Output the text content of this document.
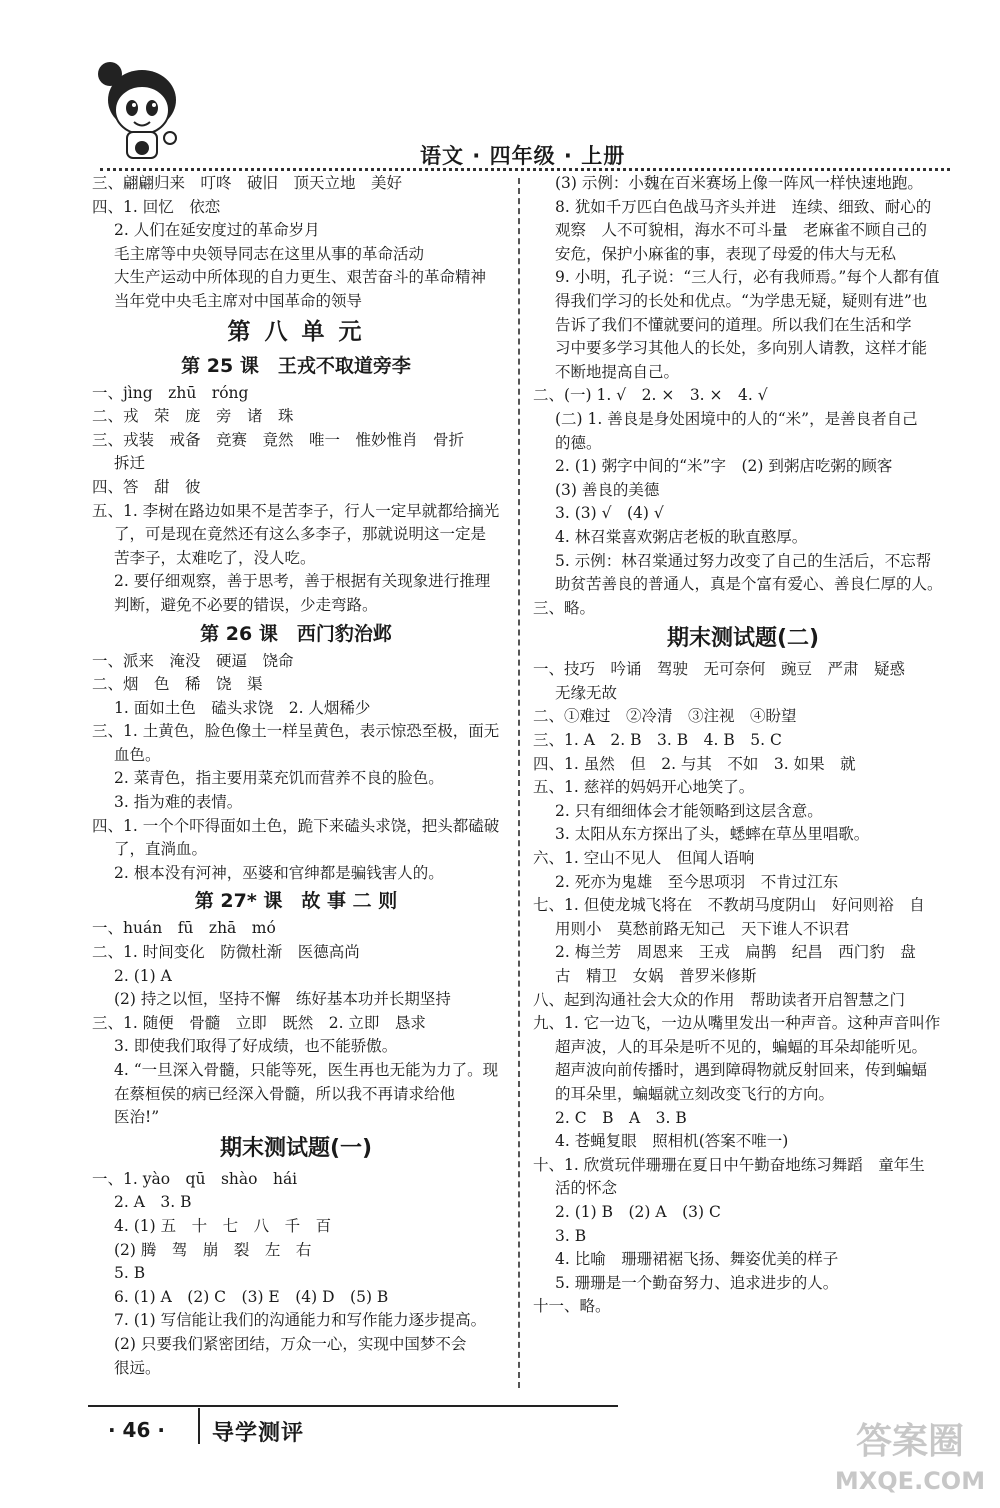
语文 · 四年级 · 上册
三、翩翩归来　叮咚　破旧　顶天立地　美好
四、1. 回忆　依恋
2. 人们在延安度过的革命岁月
毛主席等中央领导同志在这里从事的革命活动
大生产运动中所体现的自力更生、艰苦奋斗的革命精神
当年党中央毛主席对中国革命的领导
第 八 单 元
第 25 课　王戎不取道旁李
一、jìng　zhū　róng
二、戎　荣　庞　旁　诸　珠
三、戎装　戒备　竞赛　竟然　唯一　惟妙惟肖　骨折
拆迁
四、答　甜　彼
五、1. 李树在路边如果不是苦李子，行人一定早就都给摘光
了，可是现在竟然还有这么多李子，那就说明这一定是
苦李子，太难吃了，没人吃。
2. 要仔细观察，善于思考，善于根据有关现象进行推理
判断，避免不必要的错误，少走弯路。
第 26 课　西门豹治邺
一、派来　淹没　硬逼　饶命
二、烟　色　稀　饶　渠
1. 面如土色　磕头求饶　2. 人烟稀少
三、1. 土黄色，脸色像土一样呈黄色，表示惊恐至极，面无
血色。
2. 菜青色，指主要用菜充饥而营养不良的脸色。
3. 指为难的表情。
四、1. 一个个吓得面如土色，跪下来磕头求饶，把头都磕破
了，直淌血。
2. 根本没有河神，巫婆和官绅都是骗钱害人的。
第 27* 课　故 事 二 则
一、huán　fū　zhā　mó
二、1. 时间变化　防微杜渐　医德高尚
2. (1) A
(2) 持之以恒，坚持不懈　练好基本功并长期坚持
三、1. 随便　骨髓　立即　既然　2. 立即　恳求
3. 即使我们取得了好成绩，也不能骄傲。
4. “一旦深入骨髓，只能等死，医生再也无能为力了。现
在蔡桓侯的病已经深入骨髓，所以我不再请求给他
医治!”
期末测试题(一)
一、1. yào　qū　shào　hái
2. A　3. B
4. (1) 五　十　七　八　千　百
(2) 腾　驾　崩　裂　左　右
5. B
6. (1) A　(2) C　(3) E　(4) D　(5) B
7. (1) 写信能让我们的沟通能力和写作能力逐步提高。
(2) 只要我们紧密团结，万众一心，实现中国梦不会
很远。
(3) 示例：小魏在百米赛场上像一阵风一样快速地跑。
8. 犹如千万匹白色战马齐头并进　连续、细致、耐心的
观察　人不可貌相，海水不可斗量　老麻雀不顾自己的
安危，保护小麻雀的事，表现了母爱的伟大与无私
9. 小明，孔子说：“三人行，必有我师焉。”每个人都有值
得我们学习的长处和优点。“为学患无疑，疑则有进”也
告诉了我们不懂就要问的道理。所以我们在生活和学
习中要多学习其他人的长处，多向别人请教，这样才能
不断地提高自己。
二、(一) 1. √　2. ×　3. ×　4. √
(二) 1. 善良是身处困境中的人的“米”，是善良者自己
的德。
2. (1) 粥字中间的“米”字　(2) 到粥店吃粥的顾客
(3) 善良的美德
3. (3) √　(4) √
4. 林召棠喜欢粥店老板的耿直憨厚。
5. 示例：林召棠通过努力改变了自己的生活后，不忘帮
助贫苦善良的普通人，真是个富有爱心、善良仁厚的人。
三、略。
期末测试题(二)
一、技巧　吟诵　驾驶　无可奈何　豌豆　严肃　疑惑
无缘无故
二、①难过　②冷清　③注视　④盼望
三、1. A　2. B　3. B　4. B　5. C
四、1. 虽然　但　2. 与其　不如　3. 如果　就
五、1. 慈祥的妈妈开心地笑了。
2. 只有细细体会才能领略到这层含意。
3. 太阳从东方探出了头，蟋蟀在草丛里唱歌。
六、1. 空山不见人　但闻人语响
2. 死亦为鬼雄　至今思项羽　不肯过江东
七、1. 但使龙城飞将在　不教胡马度阴山　好问则裕　自
用则小　莫愁前路无知己　天下谁人不识君
2. 梅兰芳　周恩来　王戎　扁鹊　纪昌　西门豹　盘
古　精卫　女娲　普罗米修斯
八、起到沟通社会大众的作用　帮助读者开启智慧之门
九、1. 它一边飞，一边从嘴里发出一种声音。这种声音叫作
超声波，人的耳朵是听不见的，蝙蝠的耳朵却能听见。
超声波向前传播时，遇到障碍物就反射回来，传到蝙蝠
的耳朵里，蝙蝠就立刻改变飞行的方向。
2. C　B　A　3. B
4. 苍蝇复眼　照相机(答案不唯一)
十、1. 欣赏玩伴珊珊在夏日中午勤奋地练习舞蹈　童年生
活的怀念
2. (1) B　(2) A　(3) C
3. B
4. 比喻　珊珊裙裾飞扬、舞姿优美的样子
5. 珊珊是一个勤奋努力、追求进步的人。
十一、略。
· 46 · 导学测评	答案圈
MXQE.COM
